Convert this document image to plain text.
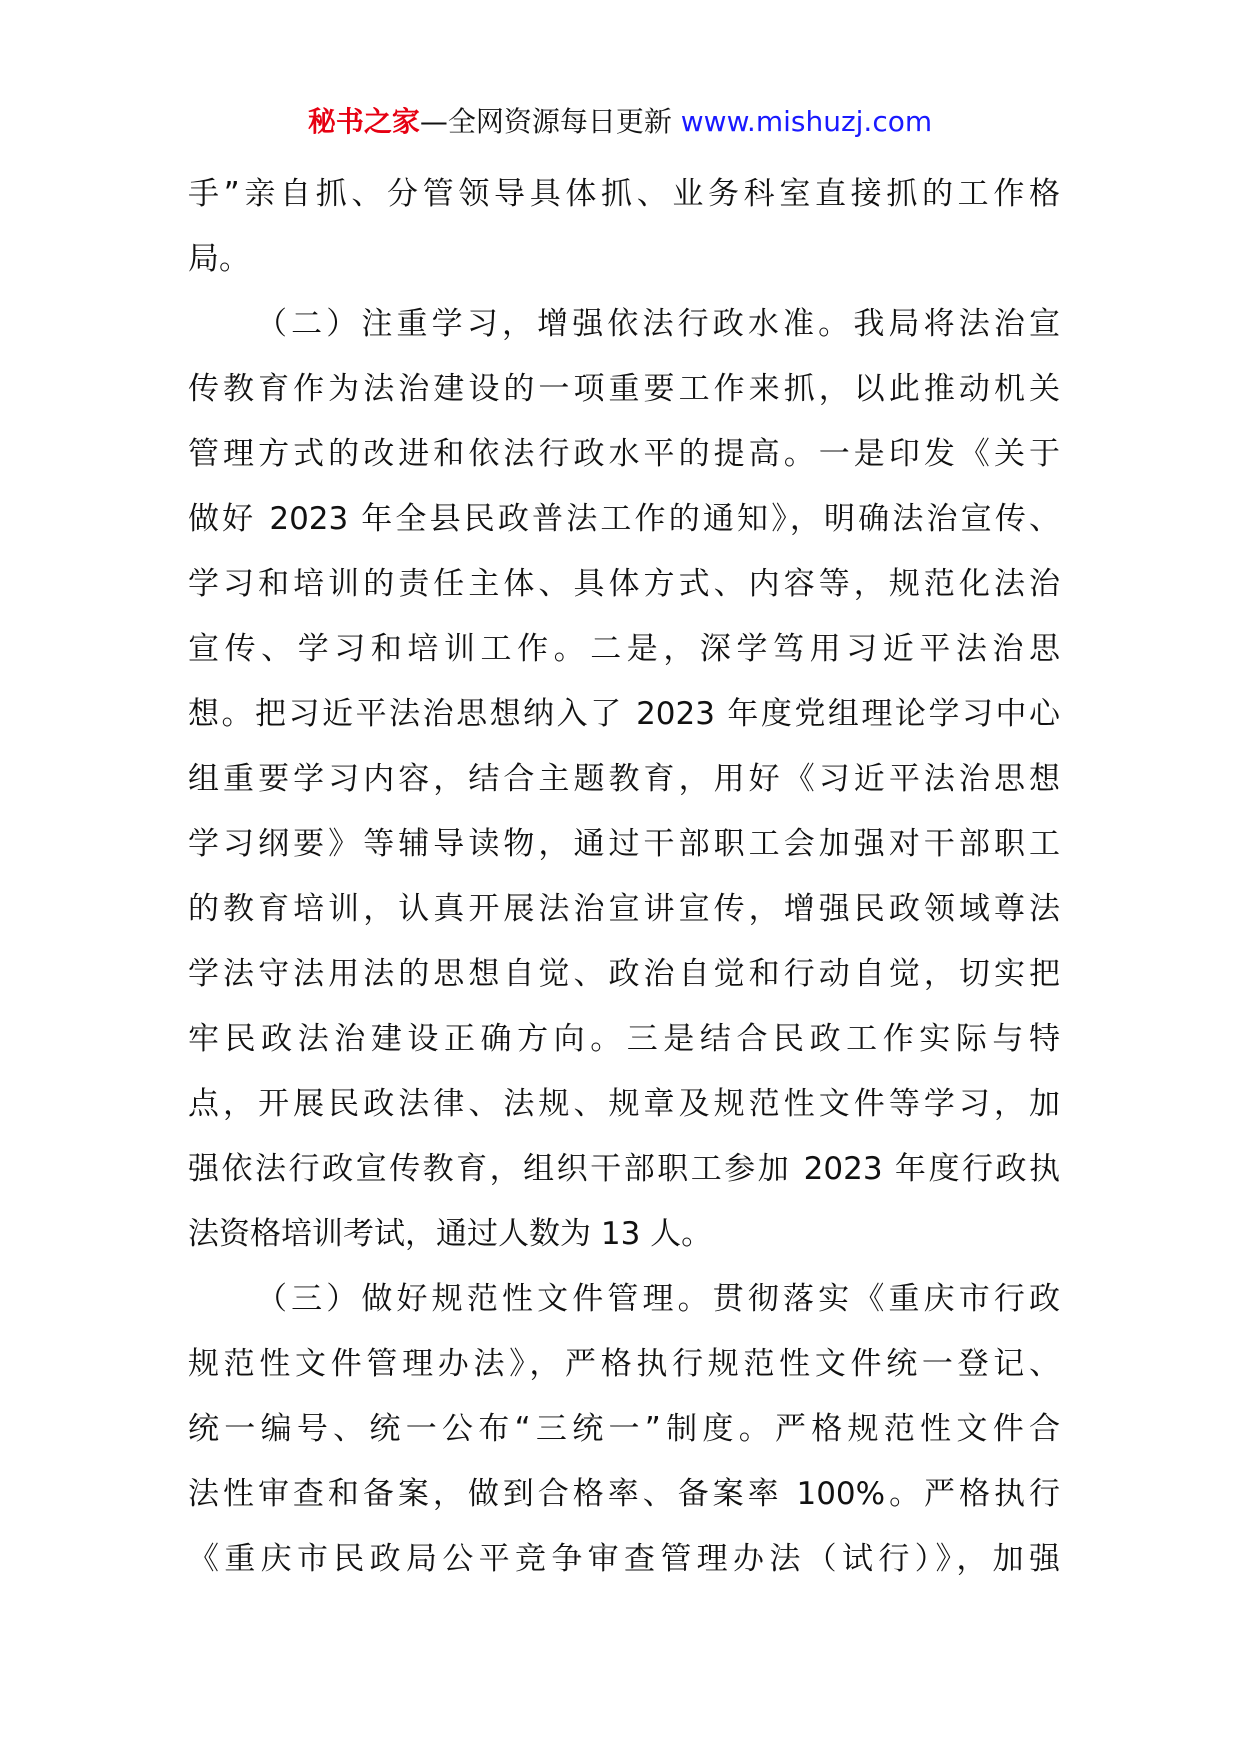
秘书之家—全网资源每日更新 www.mishuzj.com
手”亲自抓、分管领导具体抓、业务科室直接抓的工作格
局。
（二）注重学习，增强依法行政水准。我局将法治宣
传教育作为法治建设的一项重要工作来抓，以此推动机关
管理方式的改进和依法行政水平的提高。一是印发《关于
做好 2023 年全县民政普法工作的通知》，明确法治宣传、
学习和培训的责任主体、具体方式、内容等，规范化法治
宣传、学习和培训工作。二是，深学笃用习近平法治思
想。把习近平法治思想纳入了 2023 年度党组理论学习中心
组重要学习内容，结合主题教育，用好《习近平法治思想
学习纲要》等辅导读物，通过干部职工会加强对干部职工
的教育培训，认真开展法治宣讲宣传，增强民政领域尊法
学法守法用法的思想自觉、政治自觉和行动自觉，切实把
牢民政法治建设正确方向。三是结合民政工作实际与特
点，开展民政法律、法规、规章及规范性文件等学习，加
强依法行政宣传教育，组织干部职工参加 2023 年度行政执
法资格培训考试，通过人数为 13 人。
（三）做好规范性文件管理。贯彻落实《重庆市行政
规范性文件管理办法》，严格执行规范性文件统一登记、
统一编号、统一公布“三统一”制度。严格规范性文件合
法性审查和备案，做到合格率、备案率 100%。严格执行
《重庆市民政局公平竞争审查管理办法（试行）》，加强
